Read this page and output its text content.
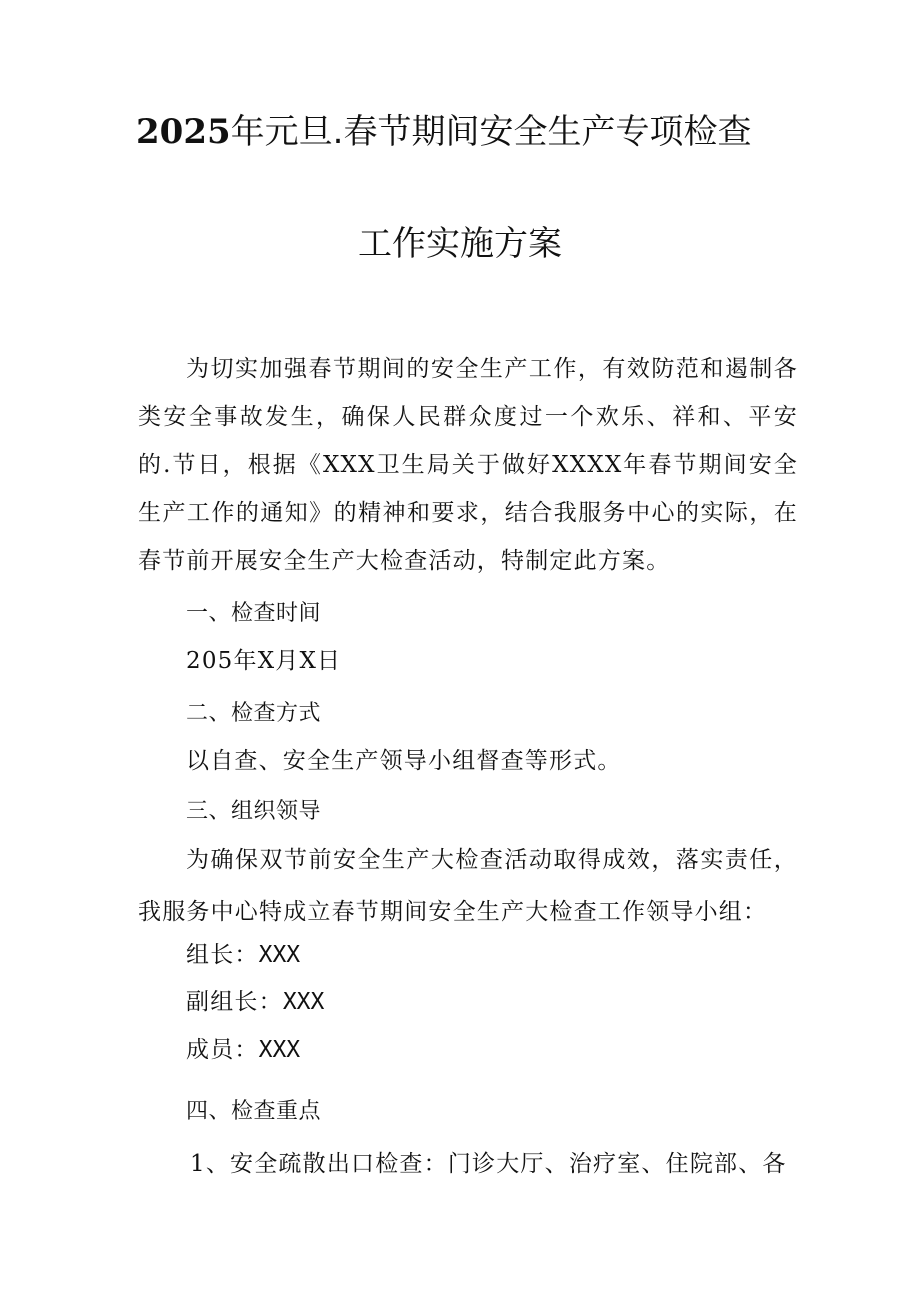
2025年元旦.春节期间安全生产专项检查
工作实施方案

为切实加强春节期间的安全生产工作，有效防范和遏制各类安全事故发生，确保人民群众度过一个欢乐、祥和、平安的.节日，根据《XXX卫生局关于做好XXXX年春节期间安全生产工作的通知》的精神和要求，结合我服务中心的实际，在春节前开展安全生产大检查活动，特制定此方案。

一、检查时间

205年X月X日

二、检查方式

以自查、安全生产领导小组督查等形式。

三、组织领导

为确保双节前安全生产大检查活动取得成效，落实责任，我服务中心特成立春节期间安全生产大检查工作领导小组：

组长：XXX

副组长：XXX

成员：XXX

四、检查重点

1、安全疏散出口检查：门诊大厅、治疗室、住院部、各
